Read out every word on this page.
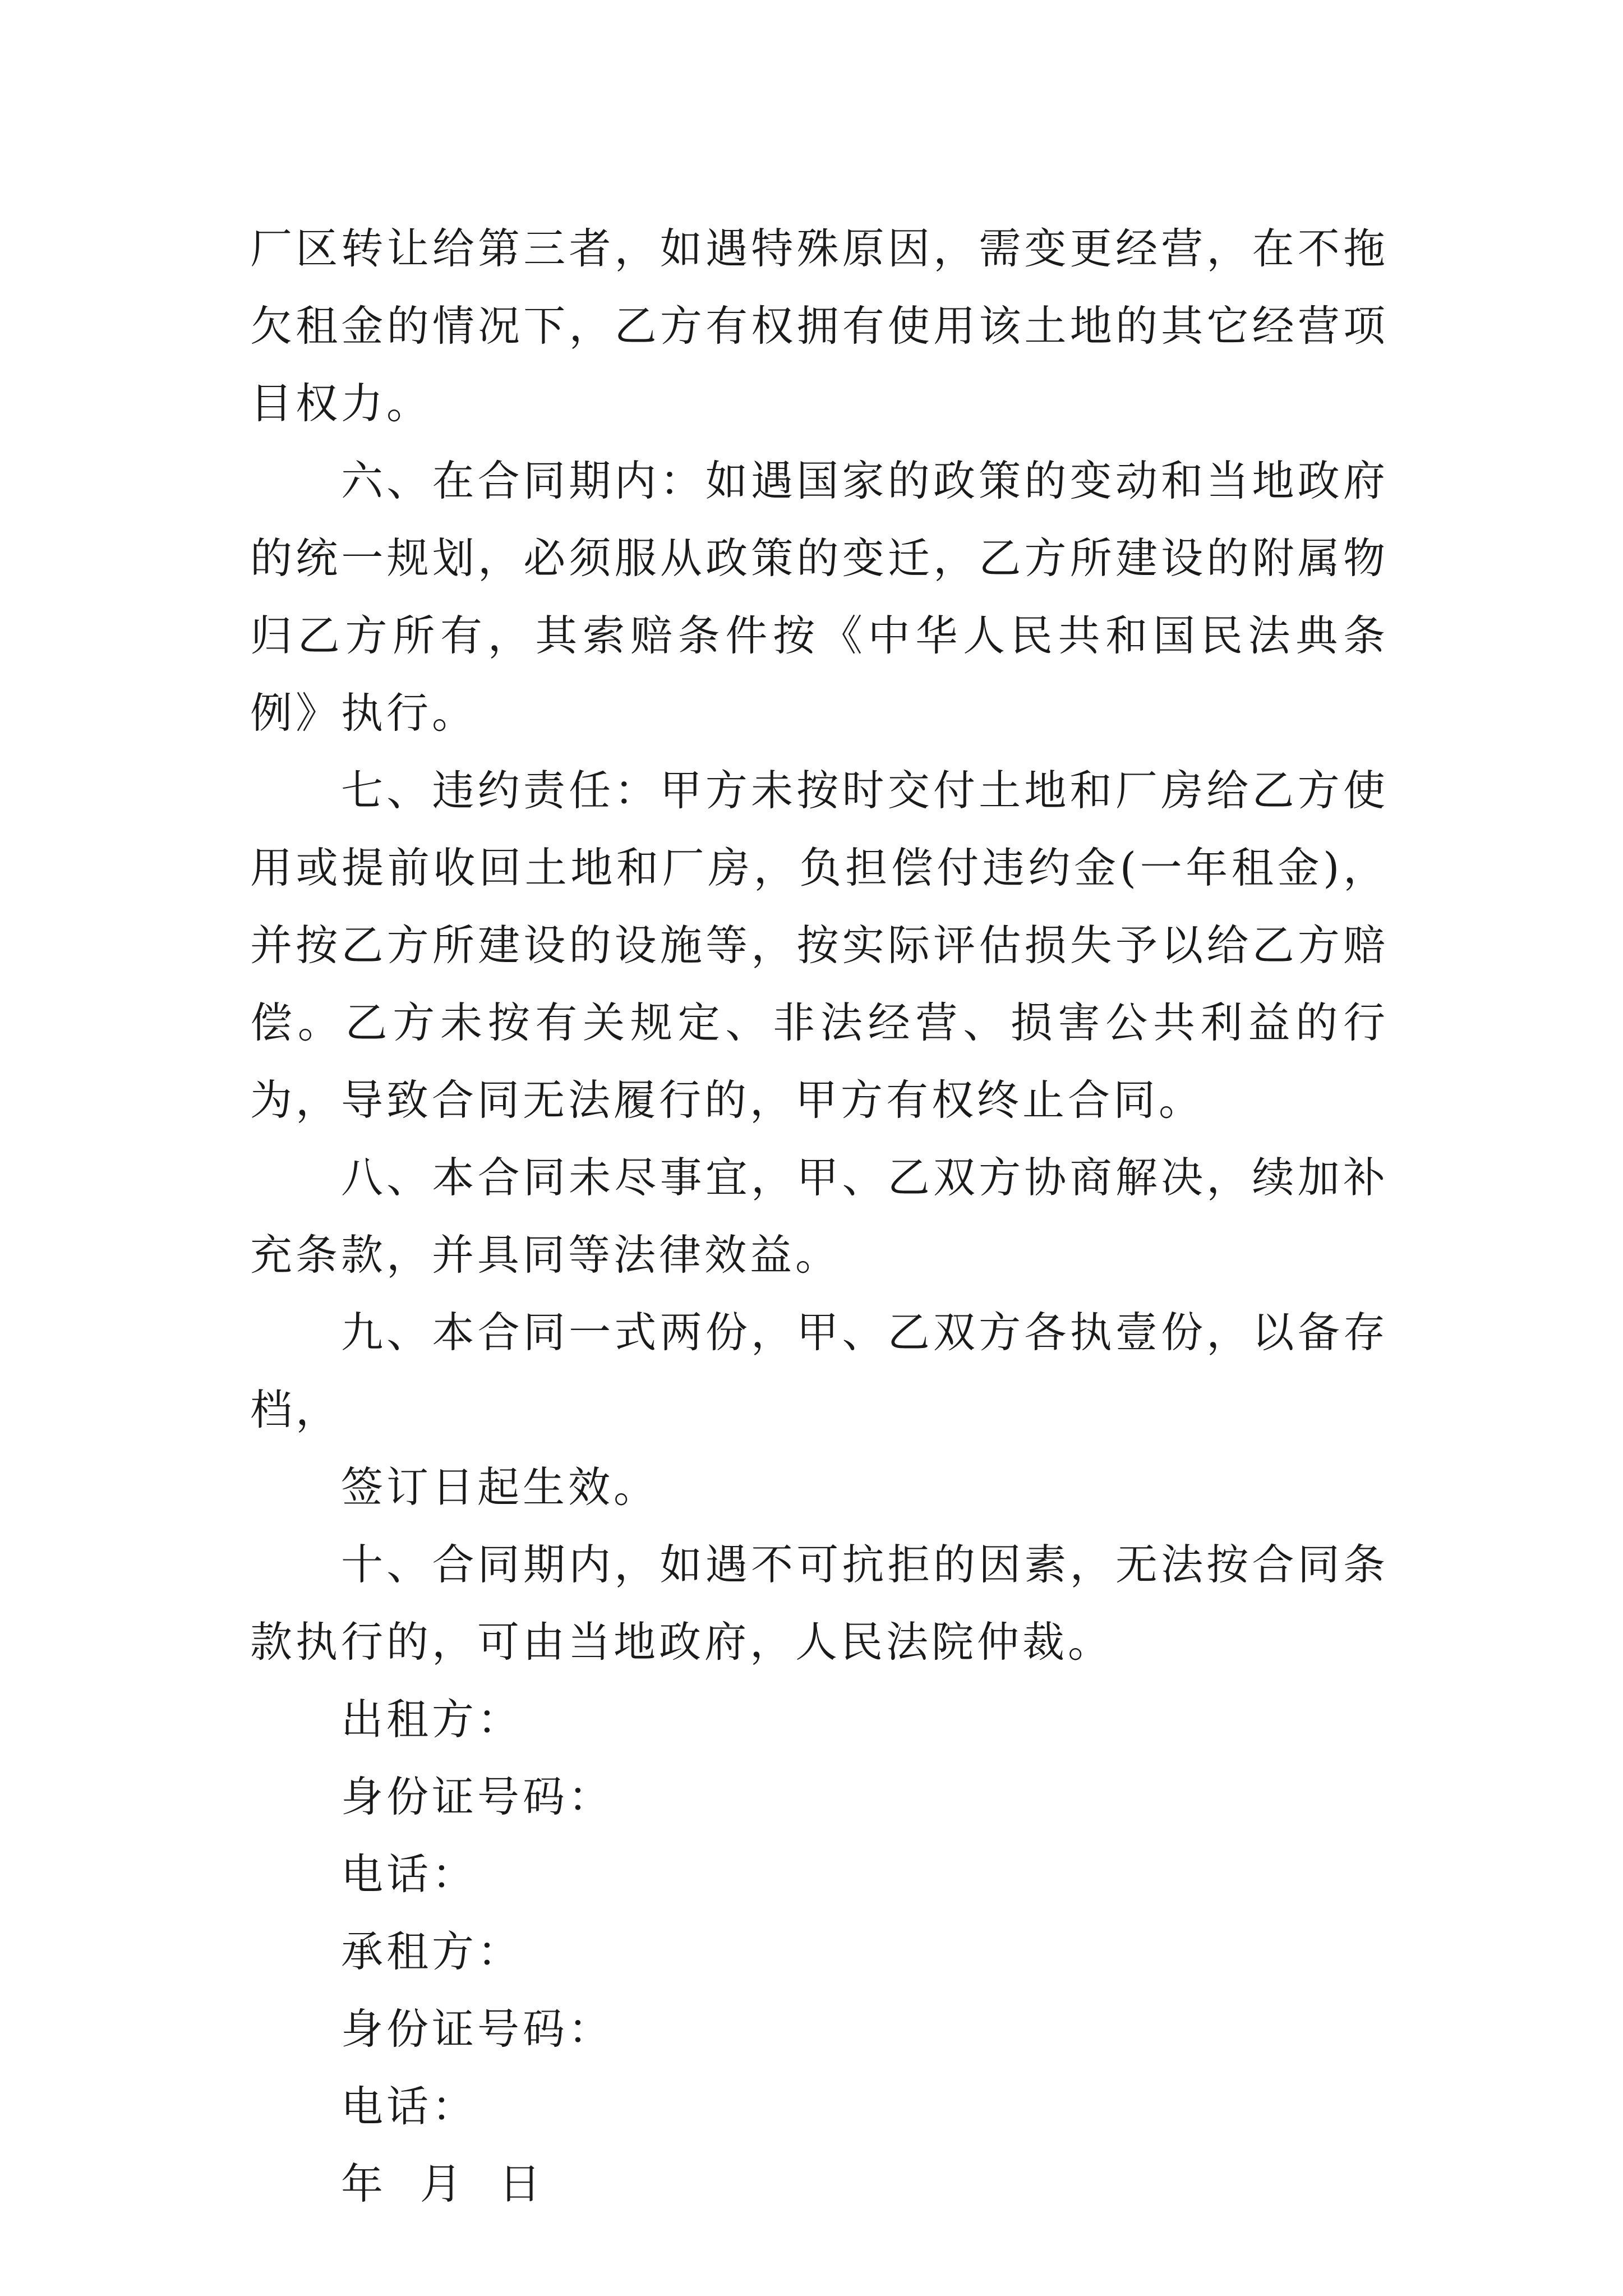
厂区转让给第三者，如遇特殊原因，需变更经营，在不拖欠租金的情况下，乙方有权拥有使用该土地的其它经营项目权力。

六、在合同期内：如遇国家的政策的变动和当地政府的统一规划，必须服从政策的变迁，乙方所建设的附属物归乙方所有，其索赔条件按《中华人民共和国民法典条例》执行。

七、违约责任：甲方未按时交付土地和厂房给乙方使用或提前收回土地和厂房，负担偿付违约金(一年租金)，并按乙方所建设的设施等，按实际评估损失予以给乙方赔偿。乙方未按有关规定、非法经营、损害公共利益的行为，导致合同无法履行的，甲方有权终止合同。

八、本合同未尽事宜，甲、乙双方协商解决，续加补充条款，并具同等法律效益。

九、本合同一式两份，甲、乙双方各执壹份，以备存档，

签订日起生效。

十、合同期内，如遇不可抗拒的因素，无法按合同条款执行的，可由当地政府，人民法院仲裁。

出租方：

身份证号码：

电话：

承租方：

身份证号码：

电话：

年  月  日
